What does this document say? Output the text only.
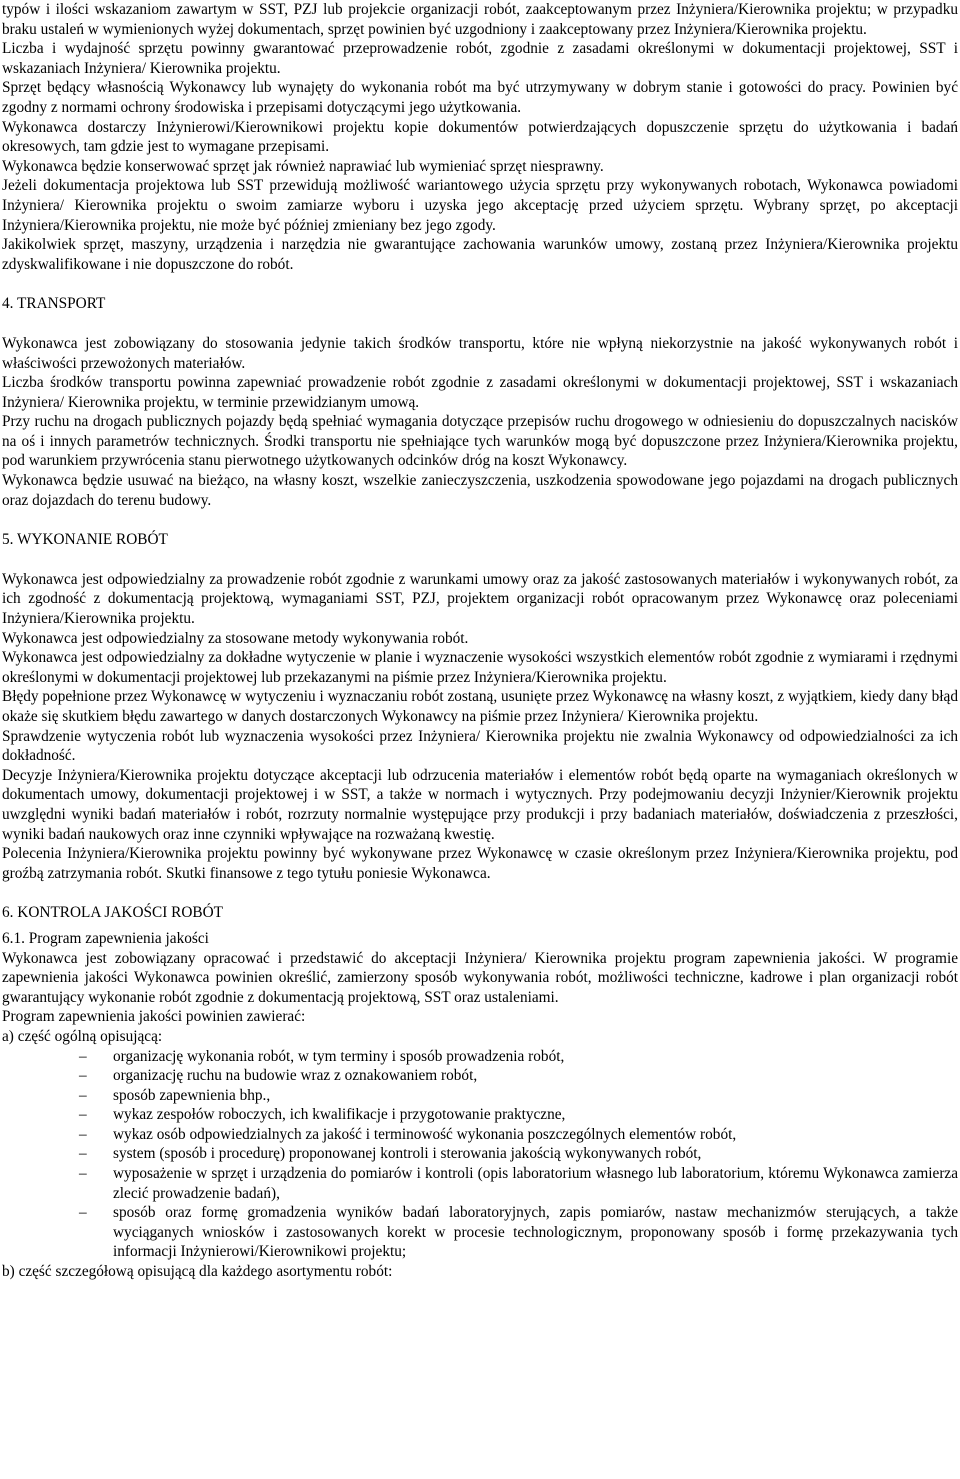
typów i ilości wskazaniom zawartym w SST, PZJ lub projekcie organizacji robót, zaakceptowanym przez Inżyniera/Kierownika projektu; w przypadku braku ustaleń w wymienionych wyżej dokumentach, sprzęt powinien być uzgodniony i zaakceptowany przez Inżyniera/Kierownika projektu.

Liczba i wydajność sprzętu powinny gwarantować przeprowadzenie robót, zgodnie z zasadami określonymi w dokumentacji projektowej, SST i wskazaniach Inżyniera/ Kierownika projektu.

Sprzęt będący własnością Wykonawcy lub wynajęty do wykonania robót ma być utrzymywany w dobrym stanie i gotowości do pracy. Powinien być zgodny z normami ochrony środowiska i przepisami dotyczącymi jego użytkowania.

Wykonawca dostarczy Inżynierowi/Kierownikowi projektu kopie dokumentów potwierdzających dopuszczenie sprzętu do użytkowania i badań okresowych, tam gdzie jest to wymagane przepisami.

Wykonawca będzie konserwować sprzęt jak również naprawiać lub wymieniać sprzęt niesprawny.

Jeżeli dokumentacja projektowa lub SST przewidują możliwość wariantowego użycia sprzętu przy wykonywanych robotach, Wykonawca powiadomi Inżyniera/ Kierownika projektu o swoim zamiarze wyboru i uzyska jego akceptację przed użyciem sprzętu. Wybrany sprzęt, po akceptacji Inżyniera/Kierownika projektu, nie może być później zmieniany bez jego zgody.

Jakikolwiek sprzęt, maszyny, urządzenia i narzędzia nie gwarantujące zachowania warunków umowy, zostaną przez Inżyniera/Kierownika projektu zdyskwalifikowane i nie dopuszczone do robót.

4. TRANSPORT

Wykonawca jest zobowiązany do stosowania jedynie takich środków transportu, które nie wpłyną niekorzystnie na jakość wykonywanych robót i właściwości przewożonych materiałów.

Liczba środków transportu powinna zapewniać prowadzenie robót zgodnie z zasadami określonymi w dokumentacji projektowej, SST i wskazaniach Inżyniera/ Kierownika projektu, w terminie przewidzianym umową.

Przy ruchu na drogach publicznych pojazdy będą spełniać wymagania dotyczące przepisów ruchu drogowego w odniesieniu do dopuszczalnych nacisków na oś i innych parametrów technicznych. Środki transportu nie spełniające tych warunków mogą być dopuszczone przez Inżyniera/Kierownika projektu, pod warunkiem przywrócenia stanu pierwotnego użytkowanych odcinków dróg na koszt Wykonawcy.

Wykonawca będzie usuwać na bieżąco, na własny koszt, wszelkie zanieczyszczenia, uszkodzenia spowodowane jego pojazdami na drogach publicznych oraz dojazdach do terenu budowy.

5. WYKONANIE ROBÓT

Wykonawca jest odpowiedzialny za prowadzenie robót zgodnie z warunkami umowy oraz za jakość zastosowanych materiałów i wykonywanych robót, za ich zgodność z dokumentacją projektową, wymaganiami SST, PZJ, projektem organizacji robót opracowanym przez Wykonawcę oraz poleceniami Inżyniera/Kierownika projektu.

Wykonawca jest odpowiedzialny za stosowane metody wykonywania robót.

Wykonawca jest odpowiedzialny za dokładne wytyczenie w planie i wyznaczenie wysokości wszystkich elementów robót zgodnie z wymiarami i rzędnymi określonymi w dokumentacji projektowej lub przekazanymi na piśmie przez Inżyniera/Kierownika projektu.

Błędy popełnione przez Wykonawcę w wytyczeniu i wyznaczaniu robót zostaną, usunięte przez Wykonawcę na własny koszt, z wyjątkiem, kiedy dany błąd okaże się skutkiem błędu zawartego w danych dostarczonych Wykonawcy na piśmie przez Inżyniera/ Kierownika projektu.

Sprawdzenie wytyczenia robót lub wyznaczenia wysokości przez Inżyniera/ Kierownika projektu nie zwalnia Wykonawcy od odpowiedzialności za ich dokładność.

Decyzje Inżyniera/Kierownika projektu dotyczące akceptacji lub odrzucenia materiałów i elementów robót będą oparte na wymaganiach określonych w dokumentach umowy, dokumentacji projektowej i w SST, a także w normach i wytycznych. Przy podejmowaniu decyzji Inżynier/Kierownik projektu uwzględni wyniki badań materiałów i robót, rozrzuty normalnie występujące przy produkcji i przy badaniach materiałów, doświadczenia z przeszłości, wyniki badań naukowych oraz inne czynniki wpływające na rozważaną kwestię.

Polecenia Inżyniera/Kierownika projektu powinny być wykonywane przez Wykonawcę w czasie określonym przez Inżyniera/Kierownika projektu, pod groźbą zatrzymania robót. Skutki finansowe z tego tytułu poniesie Wykonawca.

6. KONTROLA JAKOŚCI ROBÓT

6.1. Program zapewnienia jakości

Wykonawca jest zobowiązany opracować i przedstawić do akceptacji Inżyniera/ Kierownika projektu program zapewnienia jakości. W programie zapewnienia jakości Wykonawca powinien określić, zamierzony sposób wykonywania robót, możliwości techniczne, kadrowe i plan organizacji robót gwarantujący wykonanie robót zgodnie z dokumentacją projektową, SST oraz ustaleniami.

Program zapewnienia jakości powinien zawierać:

a) część ogólną opisującą:

– organizację wykonania robót, w tym terminy i sposób prowadzenia robót,
– organizację ruchu na budowie wraz z oznakowaniem robót,
– sposób zapewnienia bhp.,
– wykaz zespołów roboczych, ich kwalifikacje i przygotowanie praktyczne,
– wykaz osób odpowiedzialnych za jakość i terminowość wykonania poszczególnych elementów robót,
– system (sposób i procedurę) proponowanej kontroli i sterowania jakością wykonywanych robót,
– wyposażenie w sprzęt i urządzenia do pomiarów i kontroli (opis laboratorium własnego lub laboratorium, któremu Wykonawca zamierza zlecić prowadzenie badań),
– sposób oraz formę gromadzenia wyników badań laboratoryjnych, zapis pomiarów, nastaw mechanizmów sterujących, a także wyciąganych wniosków i zastosowanych korekt w procesie technologicznym, proponowany sposób i formę przekazywania tych informacji Inżynierowi/Kierownikowi projektu;

b) część szczegółową opisującą dla każdego asortymentu robót:
